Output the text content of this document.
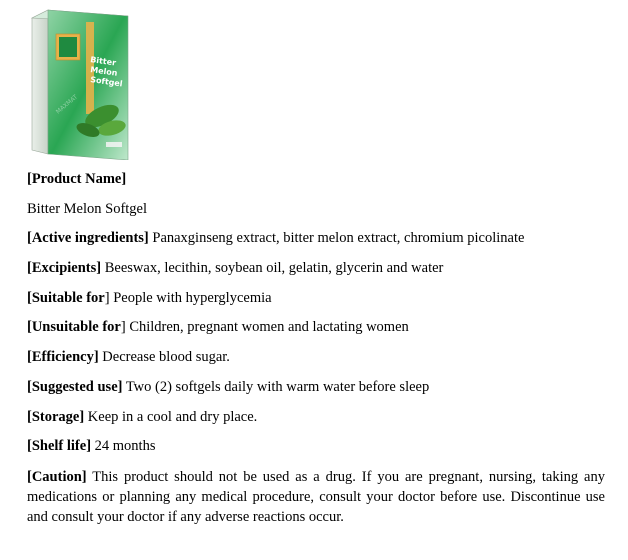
Bitter
Melon
Softgel
MAXMAT

[Product Name]

Bitter Melon Softgel

[Active ingredients] Panaxginseng extract, bitter melon extract, chromium picolinate

[Excipients] Beeswax, lecithin, soybean oil, gelatin, glycerin and water

[Suitable for] People with hyperglycemia

[Unsuitable for] Children, pregnant women and lactating women

[Efficiency] Decrease blood sugar.

[Suggested use] Two (2) softgels daily with warm water before sleep

[Storage] Keep in a cool and dry place.

[Shelf life] 24 months

[Caution] This product should not be used as a drug. If you are pregnant, nursing, taking any medications or planning any medical procedure, consult your doctor before use. Discontinue use and consult your doctor if any adverse reactions occur.
